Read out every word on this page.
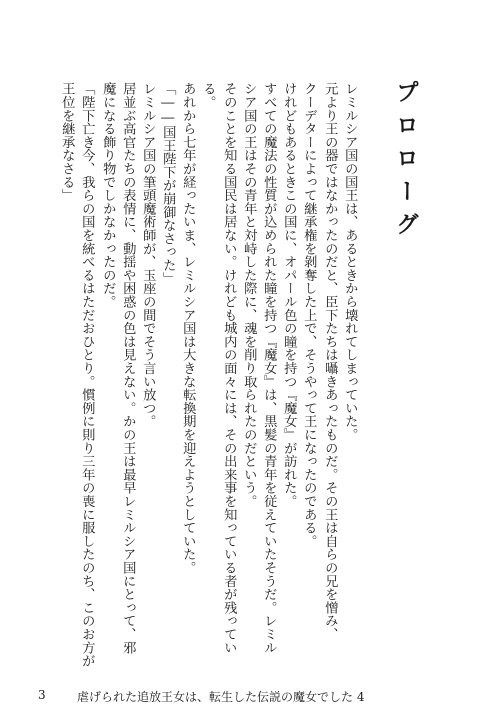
プロローグ
レミルシア国の国王は、あるときから壊れてしまっていた。
元より王の器ではなかったのだと、臣下たちは囁きあったものだ。その王は自らの兄を憎み、
クーデターによって継承権を剝奪した上で、そうやって王になったのである。
けれどもあるときこの国に、オパール色の瞳を持つ『魔女』が訪れた。
すべての魔法の性質が込められた瞳を持つ『魔女』は、黒髪の青年を従えていたそうだ。レミル
シア国の王はその青年と対峙した際に、魂を削り取られたのだという。
そのことを知る国民は居ない。けれども城内の面々には、その出来事を知っている者が残ってい
る。
あれから七年が経ったいま、レミルシア国は大きな転換期を迎えようとしていた。
「――国王陛下が崩御なさった」
レミルシア国の筆頭魔術師が、玉座の間でそう言い放つ。
居並ぶ高官たちの表情に、動揺や困惑の色は見えない。かの王は最早レミルシア国にとって、邪
魔になる飾り物でしかなかったのだ。
「陛下亡き今、我らの国を統べるはただおひとり。慣例に則り三年の喪に服したのち、このお方が
王位を継承なさる」
3	虐げられた追放王女は、転生した伝説の魔女でした 4
